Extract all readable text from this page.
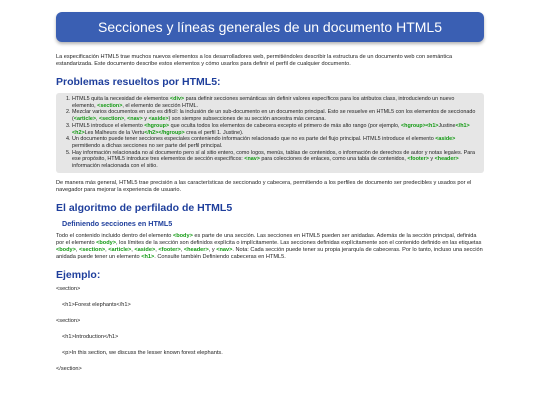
Secciones y líneas generales de un documento HTML5

La especificación HTML5 trae muchos nuevos elementos a los desarrolladores web, permitiéndoles describir la estructura de un documento web con semántica estandarizada. Este documento describe estos elementos y cómo usarlos para definir el perfil de cualquier documento.

Problemas resueltos por HTML5:
1. HTML5 quita la necesidad de elementos <div> para definir secciones semánticas sin definir valores específicos para los atributos class, introduciendo un nuevo elemento, <section>, el elemento de sección HTML.
2. Mezclar varios documentos en uno es difícil: la inclusión de un sub-documento en un documento principal. Esto se resuelve en HTML5 con los elementos de seccionado (<article>, <section>, <nav> y <aside>) son siempre subsecciones de su sección ancestra más cercana.
3. HTML5 introduce el elemento <hgroup> que oculta todos los elementos de cabecera excepto el primero de más alto rango (por ejemplo, <hgroup><h1>Justine</h1><h2>Les Malheurs de la Vertu</h2></hgroup> crea el perfil 1. Justine).
4. Un documento puede tener secciones especiales conteniendo información relacionado que no es parte del flujo principal. HTML5 introduce el elemento <aside> permitiendo a dichas secciones no ser parte del perfil principal.
5. Hay información relacionada no al documento pero sí al sitio entero, como logos, menús, tablas de contenidos, o información de derechos de autor y notas legales. Para ese propósito, HTML5 introduce tres elementos de sección específicos: <nav> para colecciones de enlaces, como una tabla de contenidos, <footer> y <header> información relacionada con el sitio.

De manera más general, HTML5 trae precisión a las características de seccionado y cabecera, permitiendo a los perfiles de documento ser predecibles y usados por el navegador para mejorar la experiencia de usuario.

El algoritmo de perfilado de HTML5
Definiendo secciones en HTML5

Todo el contenido incluido dentro del elemento <body> es parte de una sección. Las secciones en HTML5 pueden ser anidadas. Además de la sección principal, definida por el elemento <body>, los límites de la sección son definidos explícita o implícitamente. Las secciones definidas explícitamente son el contenido definido en las etiquetas <body>, <section>, <article>, <aside>, <footer>, <header>, y <nav>. Nota: Cada sección puede tener su propia jerarquía de cabeceras. Por lo tanto, incluso una sección anidada puede tener un elemento <h1>. Consulte también Definiendo cabeceras en HTML5.

Ejemplo:

<section>

<h1>Forest elephants</h1>

<section>

<h1>Introduction</h1>

<p>In this section, we discuss the lesser known forest elephants.

</section>
